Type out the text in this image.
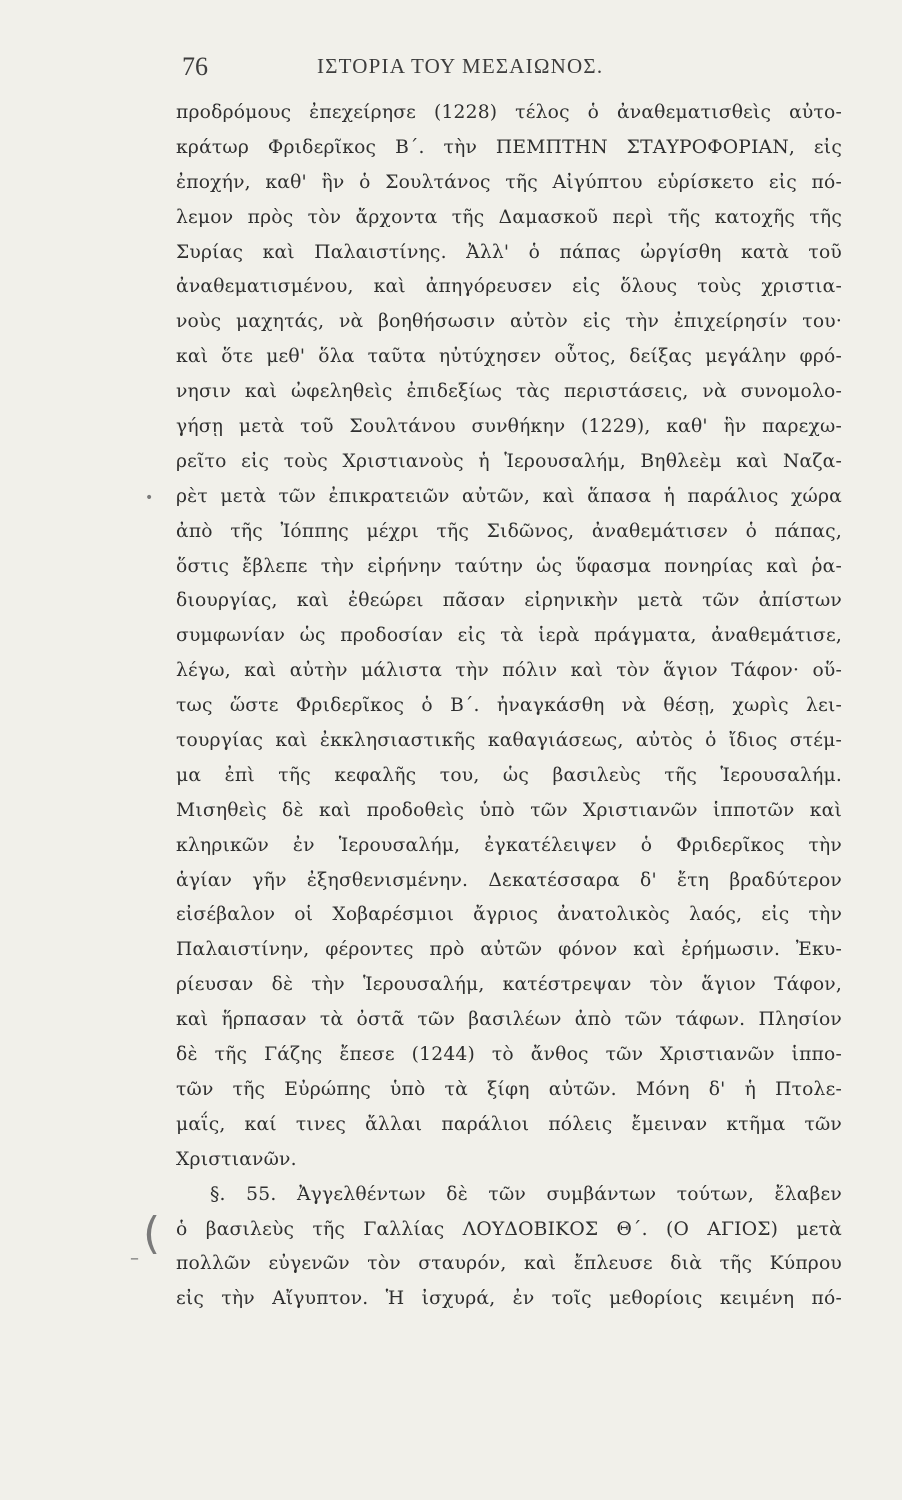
76	ΙΣΤΟΡΙΑ ΤΟΥ ΜΕΣΑΙΩΝΟΣ.
•
(
–
προδρόμους ἐπεχείρησε (1228) τέλος ὁ ἀναθεματισθεὶς αὐτο-
κράτωρ Φριδερῖκος Β΄. τὴν ΠΕΜΠΤΗΝ ΣΤΑΥΡΟΦΟΡΙΑΝ, εἰς
ἐποχήν, καθ' ἣν ὁ Σουλτάνος τῆς Αἰγύπτου εὑρίσκετο εἰς πό-
λεμον πρὸς τὸν ἄρχοντα τῆς Δαμασκοῦ περὶ τῆς κατοχῆς τῆς
Συρίας καὶ Παλαιστίνης. Ἀλλ' ὁ πάπας ὠργίσθη κατὰ τοῦ
ἀναθεματισμένου, καὶ ἀπηγόρευσεν εἰς ὅλους τοὺς χριστια-
νοὺς μαχητάς, νὰ βοηθήσωσιν αὐτὸν εἰς τὴν ἐπιχείρησίν του·
καὶ ὅτε μεθ' ὅλα ταῦτα ηὐτύχησεν οὗτος, δείξας μεγάλην φρό-
νησιν καὶ ὠφεληθεὶς ἐπιδεξίως τὰς περιστάσεις, νὰ συνομολο-
γήσῃ μετὰ τοῦ Σουλτάνου συνθήκην (1229), καθ' ἣν παρεχω-
ρεῖτο εἰς τοὺς Χριστιανοὺς ἡ Ἱερουσαλήμ, Βηθλεὲμ καὶ Ναζα-
ρὲτ μετὰ τῶν ἐπικρατειῶν αὐτῶν, καὶ ἅπασα ἡ παράλιος χώρα
ἀπὸ τῆς Ἰόππης μέχρι τῆς Σιδῶνος, ἀναθεμάτισεν ὁ πάπας,
ὅστις ἔβλεπε τὴν εἰρήνην ταύτην ὡς ὕφασμα πονηρίας καὶ ῥα-
διουργίας, καὶ ἐθεώρει πᾶσαν εἰρηνικὴν μετὰ τῶν ἀπίστων
συμφωνίαν ὡς προδοσίαν εἰς τὰ ἱερὰ πράγματα, ἀναθεμάτισε,
λέγω, καὶ αὐτὴν μάλιστα τὴν πόλιν καὶ τὸν ἅγιον Τάφον· οὕ-
τως ὥστε Φριδερῖκος ὁ Β΄. ἠναγκάσθη νὰ θέσῃ, χωρὶς λει-
τουργίας καὶ ἐκκλησιαστικῆς καθαγιάσεως, αὐτὸς ὁ ἴδιος στέμ-
μα ἐπὶ τῆς κεφαλῆς του, ὡς βασιλεὺς τῆς Ἱερουσαλήμ.
Μισηθεὶς δὲ καὶ προδοθεὶς ὑπὸ τῶν Χριστιανῶν ἱπποτῶν καὶ
κληρικῶν ἐν Ἱερουσαλήμ, ἐγκατέλειψεν ὁ Φριδερῖκος τὴν
ἁγίαν γῆν ἐξησθενισμένην. Δεκατέσσαρα δ' ἔτη βραδύτερον
εἰσέβαλον οἱ Χοβαρέσμιοι ἄγριος ἀνατολικὸς λαός, εἰς τὴν
Παλαιστίνην, φέροντες πρὸ αὐτῶν φόνον καὶ ἐρήμωσιν. Ἐκυ-
ρίευσαν δὲ τὴν Ἱερουσαλήμ, κατέστρεψαν τὸν ἅγιον Τάφον,
καὶ ἥρπασαν τὰ ὀστᾶ τῶν βασιλέων ἀπὸ τῶν τάφων. Πλησίον
δὲ τῆς Γάζης ἔπεσε (1244) τὸ ἄνθος τῶν Χριστιανῶν ἱππο-
τῶν τῆς Εὐρώπης ὑπὸ τὰ ξίφη αὐτῶν. Μόνη δ' ἡ Πτολε-
μαΐς, καί τινες ἄλλαι παράλιοι πόλεις ἔμειναν κτῆμα τῶν
Χριστιανῶν.
§. 55. Ἀγγελθέντων δὲ τῶν συμβάντων τούτων, ἔλαβεν
ὁ βασιλεὺς τῆς Γαλλίας ΛΟΥΔΟΒΙΚΟΣ Θ΄. (Ο ΑΓΙΟΣ) μετὰ
πολλῶν εὐγενῶν τὸν σταυρόν, καὶ ἔπλευσε διὰ τῆς Κύπρου
εἰς τὴν Αἴγυπτον. Ἡ ἰσχυρά, ἐν τοῖς μεθορίοις κειμένη πό-
